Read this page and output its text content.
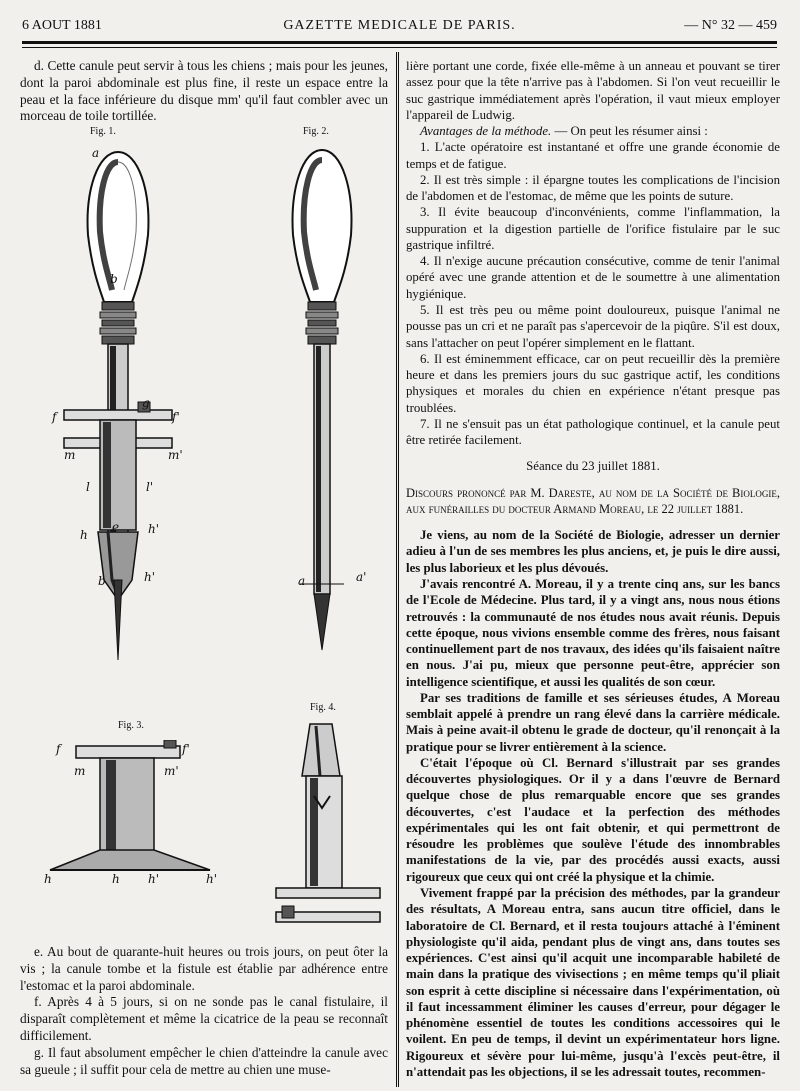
6 AOUT 1881	GAZETTE MEDICALE DE PARIS.	— N° 32 — 459

d. Cette canule peut servir à tous les chiens ; mais pour les jeunes, dont la paroi abdominale est plus fine, il reste un espace entre la peau et la face inférieure du disque mm' qu'il faut combler avec un morceau de toile tortillée.

Fig. 1.	Fig. 2.
Fig. 3.
Fig. 4.
a
b
f
g
f'
m	m'
l	l'
e
h	h'
b	h'	a	a'
f	f'
m	m'
h	h h'	h'

e. Au bout de quarante-huit heures ou trois jours, on peut ôter la vis ; la canule tombe et la fistule est établie par adhérence entre l'estomac et la paroi abdominale.

f. Après 4 à 5 jours, si on ne sonde pas le canal fistulaire, il disparaît complètement et même la cicatrice de la peau se reconnaît difficilement.

g. Il faut absolument empêcher le chien d'atteindre la canule avec sa gueule ; il suffit pour cela de mettre au chien une muse-

lière portant une corde, fixée elle-même à un anneau et pouvant se tirer assez pour que la tête n'arrive pas à l'abdomen. Si l'on veut recueillir le suc gastrique immédiatement après l'opération, il vaut mieux employer l'appareil de Ludwig.

Avantages de la méthode. — On peut les résumer ainsi :

1. L'acte opératoire est instantané et offre une grande économie de temps et de fatigue.

2. Il est très simple : il épargne toutes les complications de l'incision de l'abdomen et de l'estomac, de même que les points de suture.

3. Il évite beaucoup d'inconvénients, comme l'inflammation, la suppuration et la digestion partielle de l'orifice fistulaire par le suc gastrique infiltré.

4. Il n'exige aucune précaution consécutive, comme de tenir l'animal opéré avec une grande attention et de le soumettre à une alimentation hygiénique.

5. Il est très peu ou même point douloureux, puisque l'animal ne pousse pas un cri et ne paraît pas s'apercevoir de la piqûre. S'il est doux, sans l'attacher on peut l'opérer simplement en le flattant.

6. Il est éminemment efficace, car on peut recueillir dès la première heure et dans les premiers jours du suc gastrique actif, les conditions physiques et morales du chien en expérience n'étant presque pas troublées.

7. Il ne s'ensuit pas un état pathologique continuel, et la canule peut être retirée facilement.

Séance du 23 juillet 1881.

Discours prononcé par M. Dareste, au nom de la Société de Biologie, aux funérailles du docteur Armand Moreau, le 22 juillet 1881.

Je viens, au nom de la Société de Biologie, adresser un dernier adieu à l'un de ses membres les plus anciens, et, je puis le dire aussi, les plus laborieux et les plus dévoués.

J'avais rencontré A. Moreau, il y a trente cinq ans, sur les bancs de l'Ecole de Médecine. Plus tard, il y a vingt ans, nous nous étions retrouvés : la communauté de nos études nous avait réunis. Depuis cette époque, nous vivions ensemble comme des frères, nous faisant continuellement part de nos travaux, des idées qu'ils faisaient naître en nous. J'ai pu, mieux que personne peut-être, apprécier son intelligence scientifique, et aussi les qualités de son cœur.

Par ses traditions de famille et ses sérieuses études, A Moreau semblait appelé à prendre un rang élevé dans la carrière médicale. Mais à peine avait-il obtenu le grade de docteur, qu'il renonçait à la pratique pour se livrer entièrement à la science.

C'était l'époque où Cl. Bernard s'illustrait par ses grandes découvertes physiologiques. Or il y a dans l'œuvre de Bernard quelque chose de plus remarquable encore que ses grandes découvertes, c'est l'audace et la perfection des méthodes expérimentales qui les ont fait obtenir, et qui permettront de résoudre les problèmes que soulève l'étude des innombrables manifestations de la vie, par des procédés aussi exacts, aussi rigoureux que ceux qui ont créé la physique et la chimie.

Vivement frappé par la précision des méthodes, par la grandeur des résultats, A Moreau entra, sans aucun titre officiel, dans le laboratoire de Cl. Bernard, et il resta toujours attaché à l'éminent physiologiste qu'il aida, pendant plus de vingt ans, dans toutes ses expériences. C'est ainsi qu'il acquit une incomparable habileté de main dans la pratique des vivisections ; en même temps qu'il pliait son esprit à cette discipline si nécessaire dans l'expérimentation, où il faut incessamment éliminer les causes d'erreur, pour dégager le phénomène essentiel de toutes les conditions accessoires qui le voilent. En peu de temps, il devint un expérimentateur hors ligne. Rigoureux et sévère pour lui-même, jusqu'à l'excès peut-être, il n'attendait pas les objections, il se les adressait toutes, recommen-
